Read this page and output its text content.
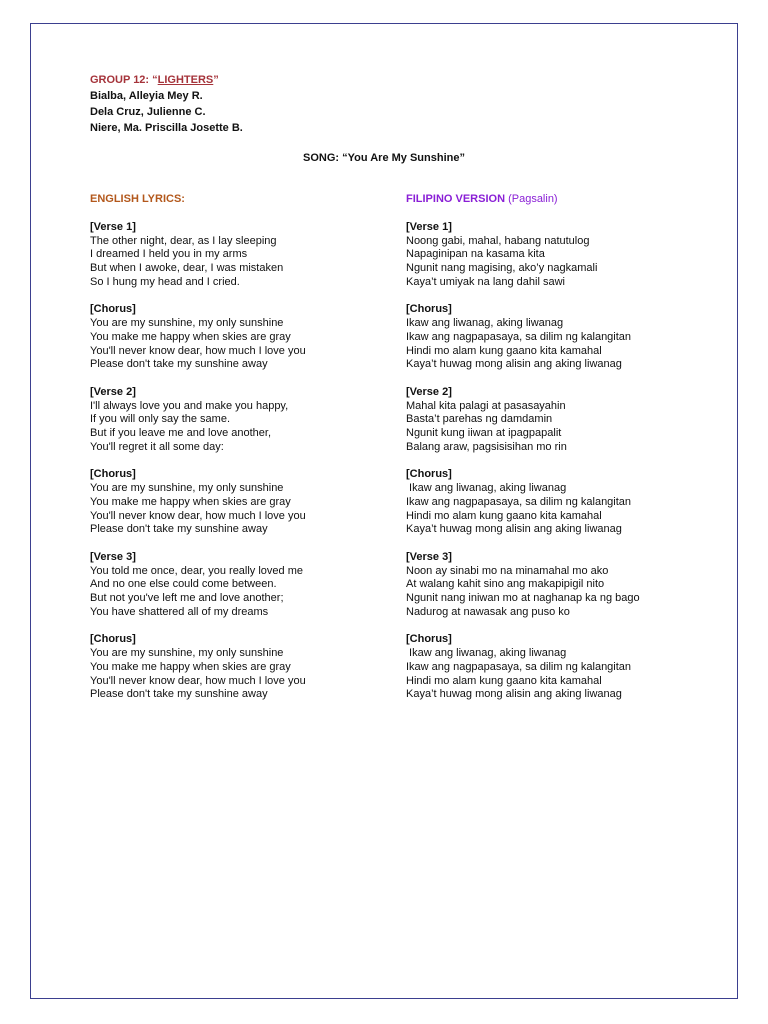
GROUP 12: “LIGHTERS”
Bialba, Alleyia Mey R.
Dela Cruz, Julienne C.
Niere, Ma. Priscilla Josette B.
SONG: “You Are My Sunshine”
ENGLISH LYRICS:
[Verse 1]
The other night, dear, as I lay sleeping
I dreamed I held you in my arms
But when I awoke, dear, I was mistaken
So I hung my head and I cried.
[Chorus]
You are my sunshine, my only sunshine
You make me happy when skies are gray
You'll never know dear, how much I love you
Please don't take my sunshine away
[Verse 2]
I'll always love you and make you happy,
If you will only say the same.
But if you leave me and love another,
You'll regret it all some day:
[Chorus]
You are my sunshine, my only sunshine
You make me happy when skies are gray
You'll never know dear, how much I love you
Please don't take my sunshine away
[Verse 3]
You told me once, dear, you really loved me
And no one else could come between.
But not you've left me and love another;
You have shattered all of my dreams
[Chorus]
You are my sunshine, my only sunshine
You make me happy when skies are gray
You'll never know dear, how much I love you
Please don't take my sunshine away
FILIPINO VERSION (Pagsalin)
[Verse 1]
Noong gabi, mahal, habang natutulog
Napaginipan na kasama kita
Ngunit nang magising, ako’y nagkamali
Kaya’t umiyak na lang dahil sawi
[Chorus]
Ikaw ang liwanag, aking liwanag
Ikaw ang nagpapasaya, sa dilim ng kalangitan
Hindi mo alam kung gaano kita kamahal
Kaya’t huwag mong alisin ang aking liwanag
[Verse 2]
Mahal kita palagi at pasasayahin
Basta’t parehas ng damdamin
Ngunit kung iiwan at ipagpapalit
Balang araw, pagsisisihan mo rin
[Chorus]
Ikaw ang liwanag, aking liwanag
Ikaw ang nagpapasaya, sa dilim ng kalangitan
Hindi mo alam kung gaano kita kamahal
Kaya’t huwag mong alisin ang aking liwanag
[Verse 3]
Noon ay sinabi mo na minamahal mo ako
At walang kahit sino ang makapipigil nito
Ngunit nang iniwan mo at naghanap ka ng bago
Nadurog at nawasak ang puso ko
[Chorus]
Ikaw ang liwanag, aking liwanag
Ikaw ang nagpapasaya, sa dilim ng kalangitan
Hindi mo alam kung gaano kita kamahal
Kaya’t huwag mong alisin ang aking liwanag
